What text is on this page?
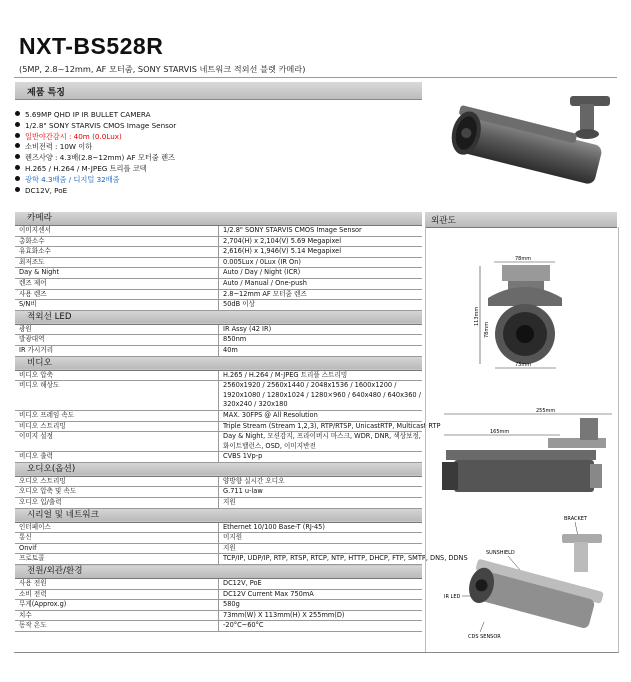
NXT-BS528R
(5MP, 2.8~12mm, AF 모터줌, SONY STARVIS 네트워크 적외선 블렛 카메라)
제품 특징
5.69MP QHD IP IR BULLET CAMERA
1/2.8" SONY STARVIS CMOS Image Sensor
일반야간감시 : 40m (0.0Lux)
소비전력 : 10W 이하
렌즈사양 : 4.3배(2.8~12mm) AF 모터줌 렌즈
H.265 / H.264 / M-JPEG 트리플 코덱
광학 4.3배줌 / 디지털 32배줌
DC12V, PoE
카메라	
이미지센서	1/2.8" SONY STARVIS CMOS Image Sensor
총화소수	2,704(H) x 2,104(V) 5.69 Megapixel
유효화소수	2,616(H) x 1,946(V) 5.14 Megapixel
최저조도	0.005Lux / 0Lux (IR On)
Day & Night	Auto / Day / Night (ICR)
렌즈 제어	Auto / Manual / One-push
사용 렌즈	2.8~12mm AF 모터줌 렌즈
S/N비	50dB 이상
적외선 LED	
광원	IR Assy (42 IR)
발광대역	850nm
IR 가시거리	40m
비디오	
비디오 압축	H.265 / H.264 / M-JPEG 트리플 스트리밍
비디오 해상도	2560x1920 / 2560x1440 / 2048x1536 / 1600x1200 / 1920x1080 / 1280x1024 / 1280×960 / 640x480 / 640x360 / 320x240 / 320x180
비디오 프레임 속도	MAX. 30FPS @ All Resolution
비디오 스트리밍	Triple Stream (Stream 1,2,3), RTP/RTSP, UnicastRTP, Multicast RTP
이미지 설정	Day & Night, 모션감지, 프라이버시 마스크, WDR, DNR, 색상보정, 화이트밸런스, OSD, 이미지반전
비디오 출력	CVBS 1Vp-p
오디오(옵션)	
오디오 스트리밍	양방향 실시간 오디오
오디오 압축 및 속도	G.711 u-law
오디오 입/출력	지원
시리얼 및 네트워크	
인터페이스	Ethernet 10/100 Base-T (RJ-45)
통신	미지원
Onvif	지원
프로토콜	TCP/IP, UDP/IP, RTP, RTSP, RTCP, NTP, HTTP, DHCP, FTP, SMTP, DNS, DDNS
전원/외관/환경	
사용 전원	DC12V, PoE
소비 전력	DC12V Current Max 750mA
무게(Approx.g)	580g
치수	73mm(W) X 113mm(H) X 255mm(D)
동작 온도	-20°C~60°C
외관도
78mm
113mm
78mm
73mm
255mm
165mm
BRACKET
SUNSHIELD
IR LED
CDS SENSOR
